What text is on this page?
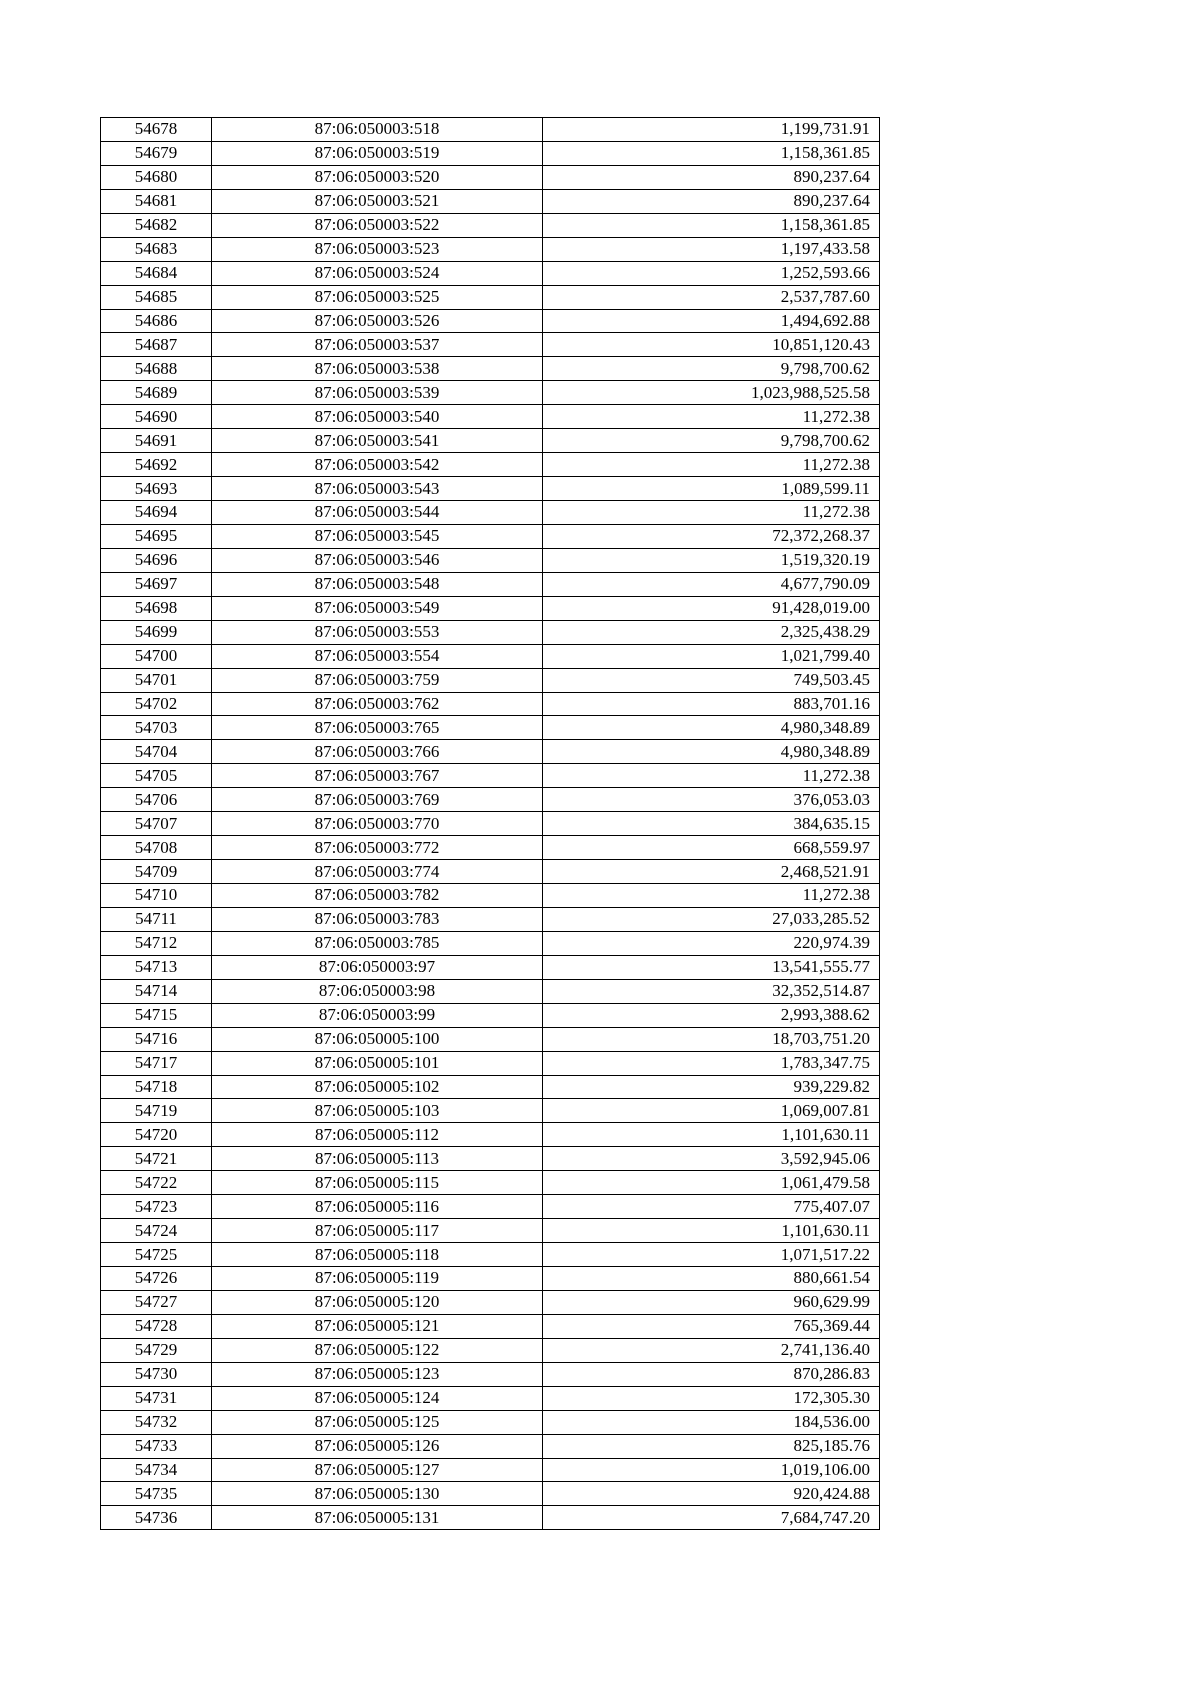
54678	87:06:050003:518	1,199,731.91
54679	87:06:050003:519	1,158,361.85
54680	87:06:050003:520	890,237.64
54681	87:06:050003:521	890,237.64
54682	87:06:050003:522	1,158,361.85
54683	87:06:050003:523	1,197,433.58
54684	87:06:050003:524	1,252,593.66
54685	87:06:050003:525	2,537,787.60
54686	87:06:050003:526	1,494,692.88
54687	87:06:050003:537	10,851,120.43
54688	87:06:050003:538	9,798,700.62
54689	87:06:050003:539	1,023,988,525.58
54690	87:06:050003:540	11,272.38
54691	87:06:050003:541	9,798,700.62
54692	87:06:050003:542	11,272.38
54693	87:06:050003:543	1,089,599.11
54694	87:06:050003:544	11,272.38
54695	87:06:050003:545	72,372,268.37
54696	87:06:050003:546	1,519,320.19
54697	87:06:050003:548	4,677,790.09
54698	87:06:050003:549	91,428,019.00
54699	87:06:050003:553	2,325,438.29
54700	87:06:050003:554	1,021,799.40
54701	87:06:050003:759	749,503.45
54702	87:06:050003:762	883,701.16
54703	87:06:050003:765	4,980,348.89
54704	87:06:050003:766	4,980,348.89
54705	87:06:050003:767	11,272.38
54706	87:06:050003:769	376,053.03
54707	87:06:050003:770	384,635.15
54708	87:06:050003:772	668,559.97
54709	87:06:050003:774	2,468,521.91
54710	87:06:050003:782	11,272.38
54711	87:06:050003:783	27,033,285.52
54712	87:06:050003:785	220,974.39
54713	87:06:050003:97	13,541,555.77
54714	87:06:050003:98	32,352,514.87
54715	87:06:050003:99	2,993,388.62
54716	87:06:050005:100	18,703,751.20
54717	87:06:050005:101	1,783,347.75
54718	87:06:050005:102	939,229.82
54719	87:06:050005:103	1,069,007.81
54720	87:06:050005:112	1,101,630.11
54721	87:06:050005:113	3,592,945.06
54722	87:06:050005:115	1,061,479.58
54723	87:06:050005:116	775,407.07
54724	87:06:050005:117	1,101,630.11
54725	87:06:050005:118	1,071,517.22
54726	87:06:050005:119	880,661.54
54727	87:06:050005:120	960,629.99
54728	87:06:050005:121	765,369.44
54729	87:06:050005:122	2,741,136.40
54730	87:06:050005:123	870,286.83
54731	87:06:050005:124	172,305.30
54732	87:06:050005:125	184,536.00
54733	87:06:050005:126	825,185.76
54734	87:06:050005:127	1,019,106.00
54735	87:06:050005:130	920,424.88
54736	87:06:050005:131	7,684,747.20
